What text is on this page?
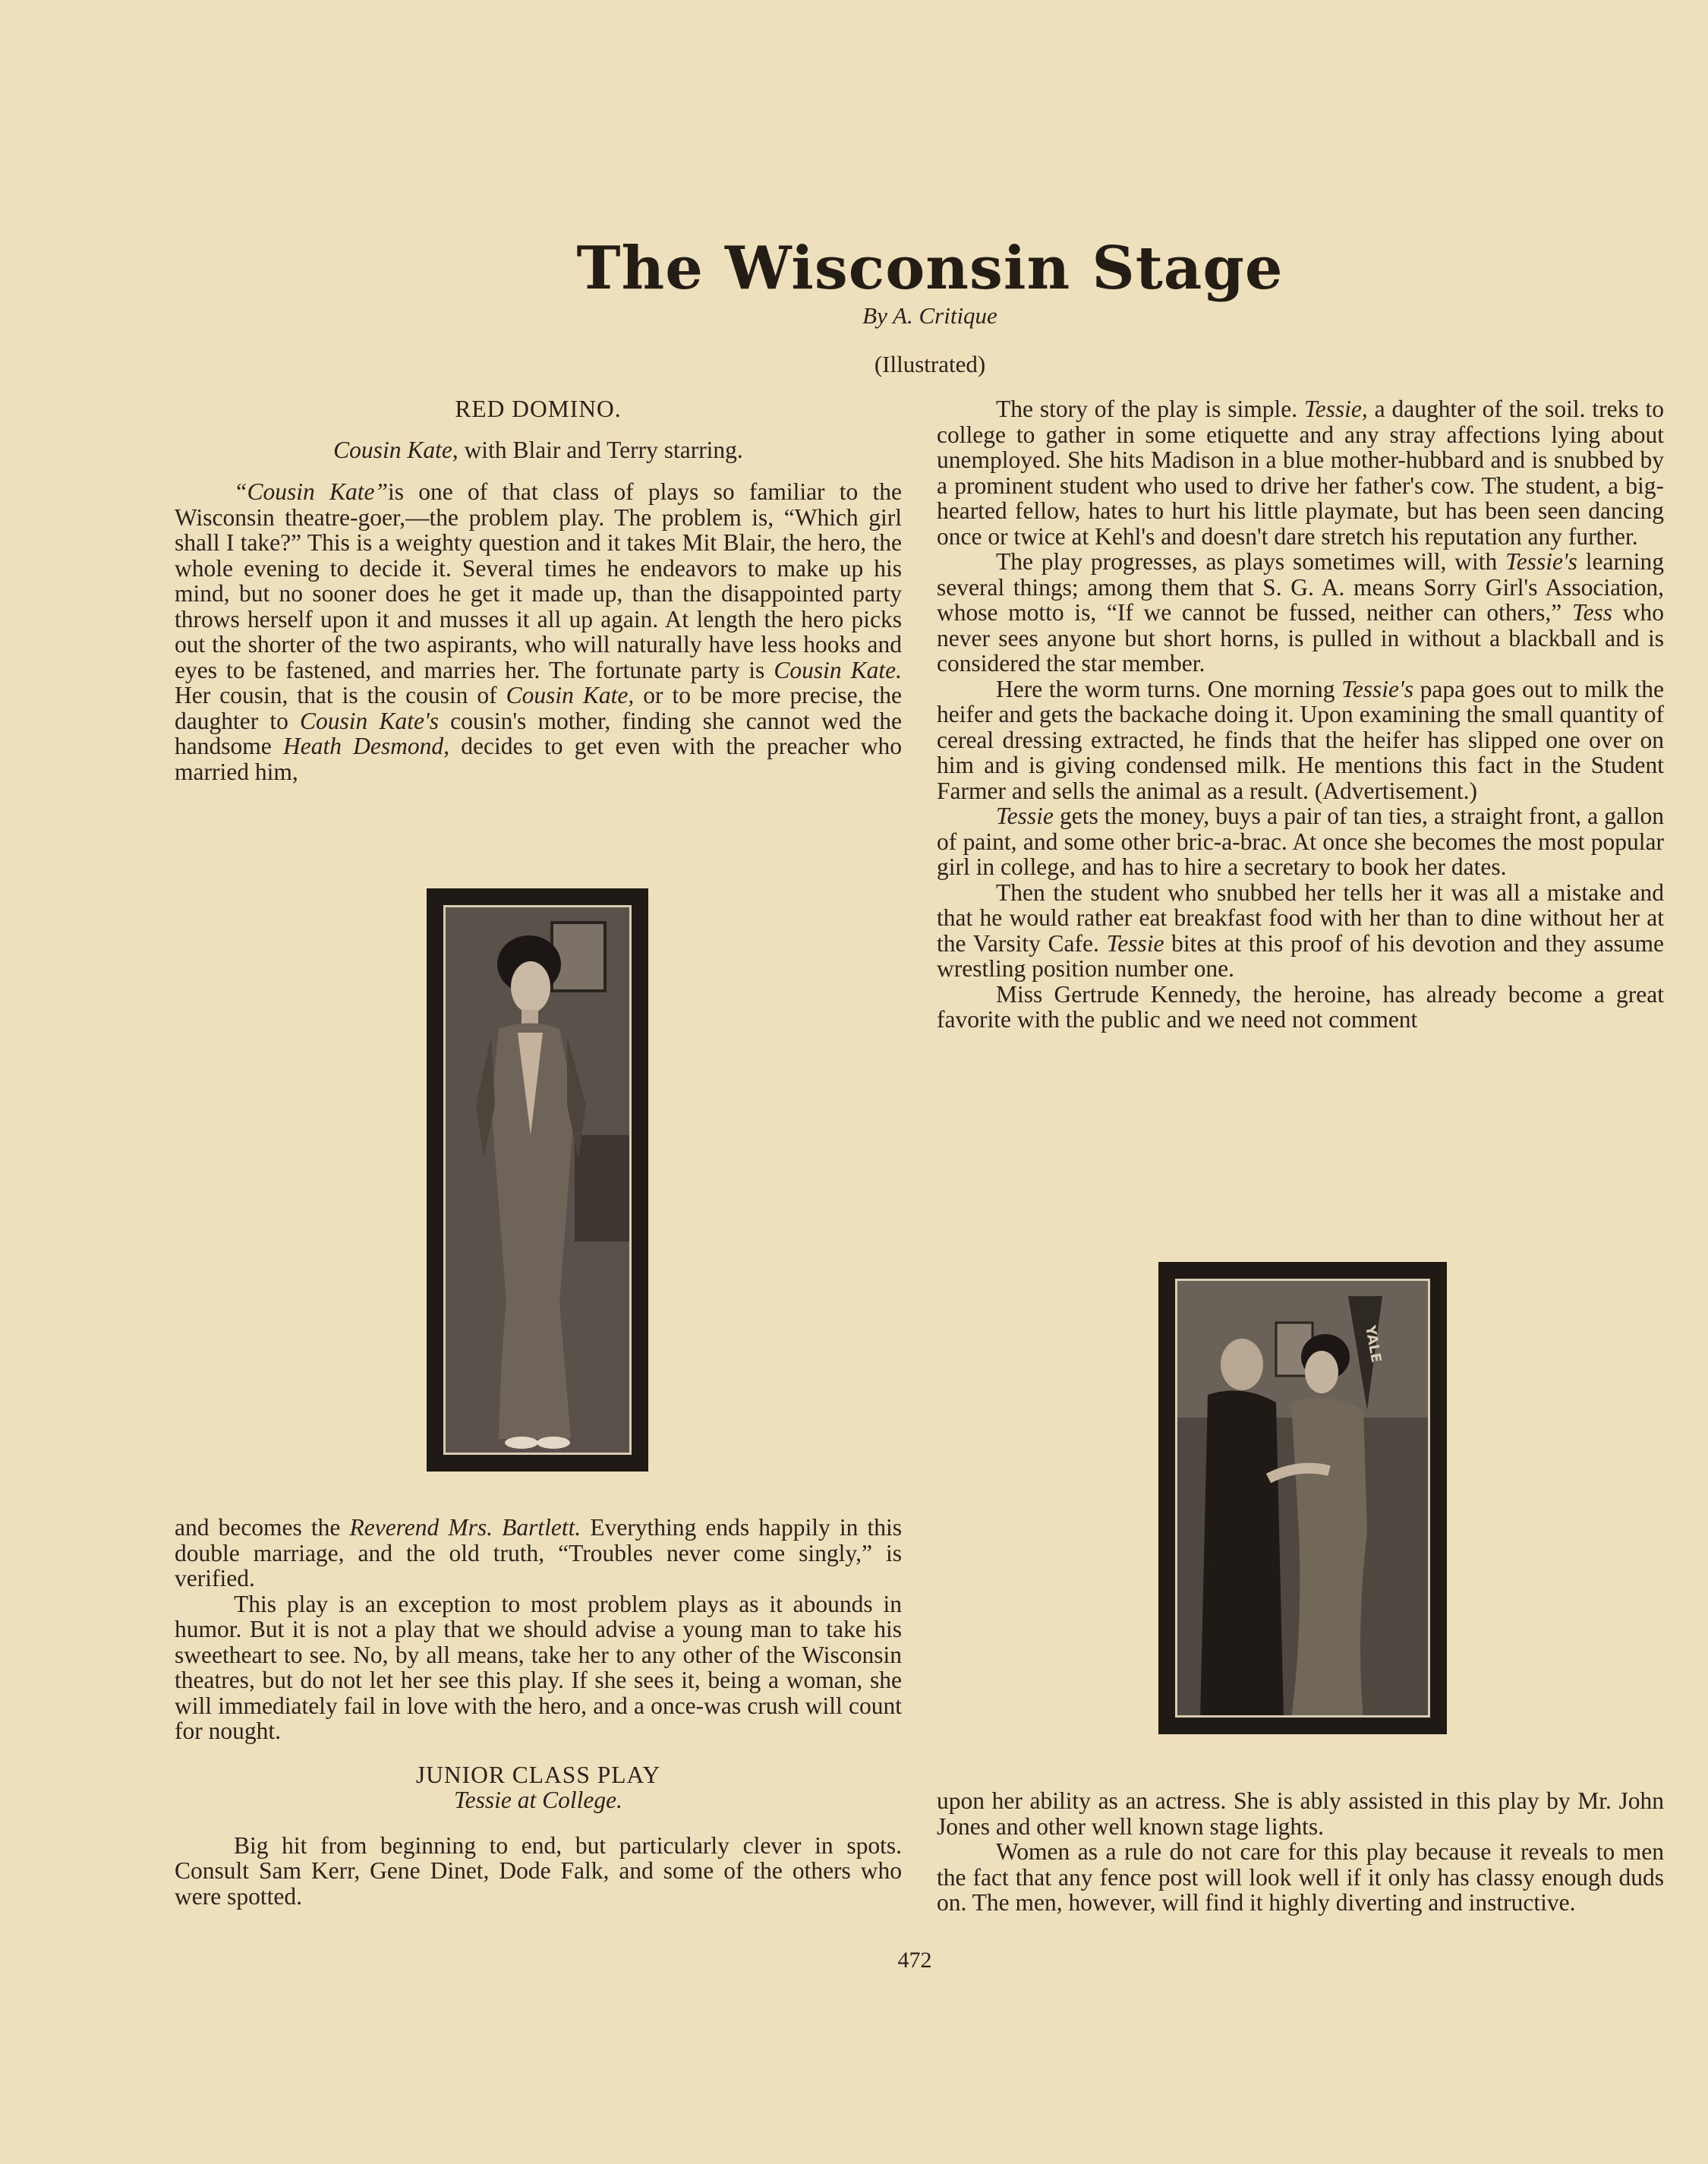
The Wisconsin Stage
By A. Critique
(Illustrated)

RED DOMINO.

Cousin Kate, with Blair and Terry starring.

“Cousin Kate”is one of that class of plays so familiar to the Wisconsin theatre-goer,—the problem play. The problem is, “Which girl shall I take?” This is a weighty question and it takes Mit Blair, the hero, the whole evening to decide it. Several times he endeavors to make up his mind, but no sooner does he get it made up, than the disappointed party throws herself upon it and musses it all up again. At length the hero picks out the shorter of the two aspirants, who will naturally have less hooks and eyes to be fastened, and marries her. The fortunate party is Cousin Kate. Her cousin, that is the cousin of Cousin Kate, or to be more precise, the daughter to Cousin Kate's cousin's mother, finding she cannot wed the handsome Heath Desmond, decides to get even with the preacher who married him,

and becomes the Reverend Mrs. Bartlett. Everything ends happily in this double marriage, and the old truth, “Troubles never come singly,” is verified.

This play is an exception to most problem plays as it abounds in humor. But it is not a play that we should advise a young man to take his sweetheart to see. No, by all means, take her to any other of the Wisconsin theatres, but do not let her see this play. If she sees it, being a woman, she will immediately fail in love with the hero, and a once-was crush will count for nought.

JUNIOR CLASS PLAY

Tessie at College.

Big hit from beginning to end, but particularly clever in spots. Consult Sam Kerr, Gene Dinet, Dode Falk, and some of the others who were spotted.

The story of the play is simple. Tessie, a daughter of the soil. treks to college to gather in some etiquette and any stray affections lying about unemployed. She hits Madison in a blue mother-hubbard and is snubbed by a prominent student who used to drive her father's cow. The student, a big-hearted fellow, hates to hurt his little playmate, but has been seen dancing once or twice at Kehl's and doesn't dare stretch his reputation any further.

The play progresses, as plays sometimes will, with Tessie's learning several things; among them that S. G. A. means Sorry Girl's Association, whose motto is, “If we cannot be fussed, neither can others,” Tess who never sees anyone but short horns, is pulled in without a blackball and is considered the star member.

Here the worm turns. One morning Tessie's papa goes out to milk the heifer and gets the backache doing it. Upon examining the small quantity of cereal dressing extracted, he finds that the heifer has slipped one over on him and is giving condensed milk. He mentions this fact in the Student Farmer and sells the animal as a result. (Advertisement.)

Tessie gets the money, buys a pair of tan ties, a straight front, a gallon of paint, and some other bric-a-brac. At once she becomes the most popular girl in college, and has to hire a secretary to book her dates.

Then the student who snubbed her tells her it was all a mistake and that he would rather eat breakfast food with her than to dine without her at the Varsity Cafe. Tessie bites at this proof of his devotion and they assume wrestling position number one.

Miss Gertrude Kennedy, the heroine, has already become a great favorite with the public and we need not comment

YALE

upon her ability as an actress. She is ably assisted in this play by Mr. John Jones and other well known stage lights.

Women as a rule do not care for this play because it reveals to men the fact that any fence post will look well if it only has classy enough duds on. The men, however, will find it highly diverting and instructive.

472
